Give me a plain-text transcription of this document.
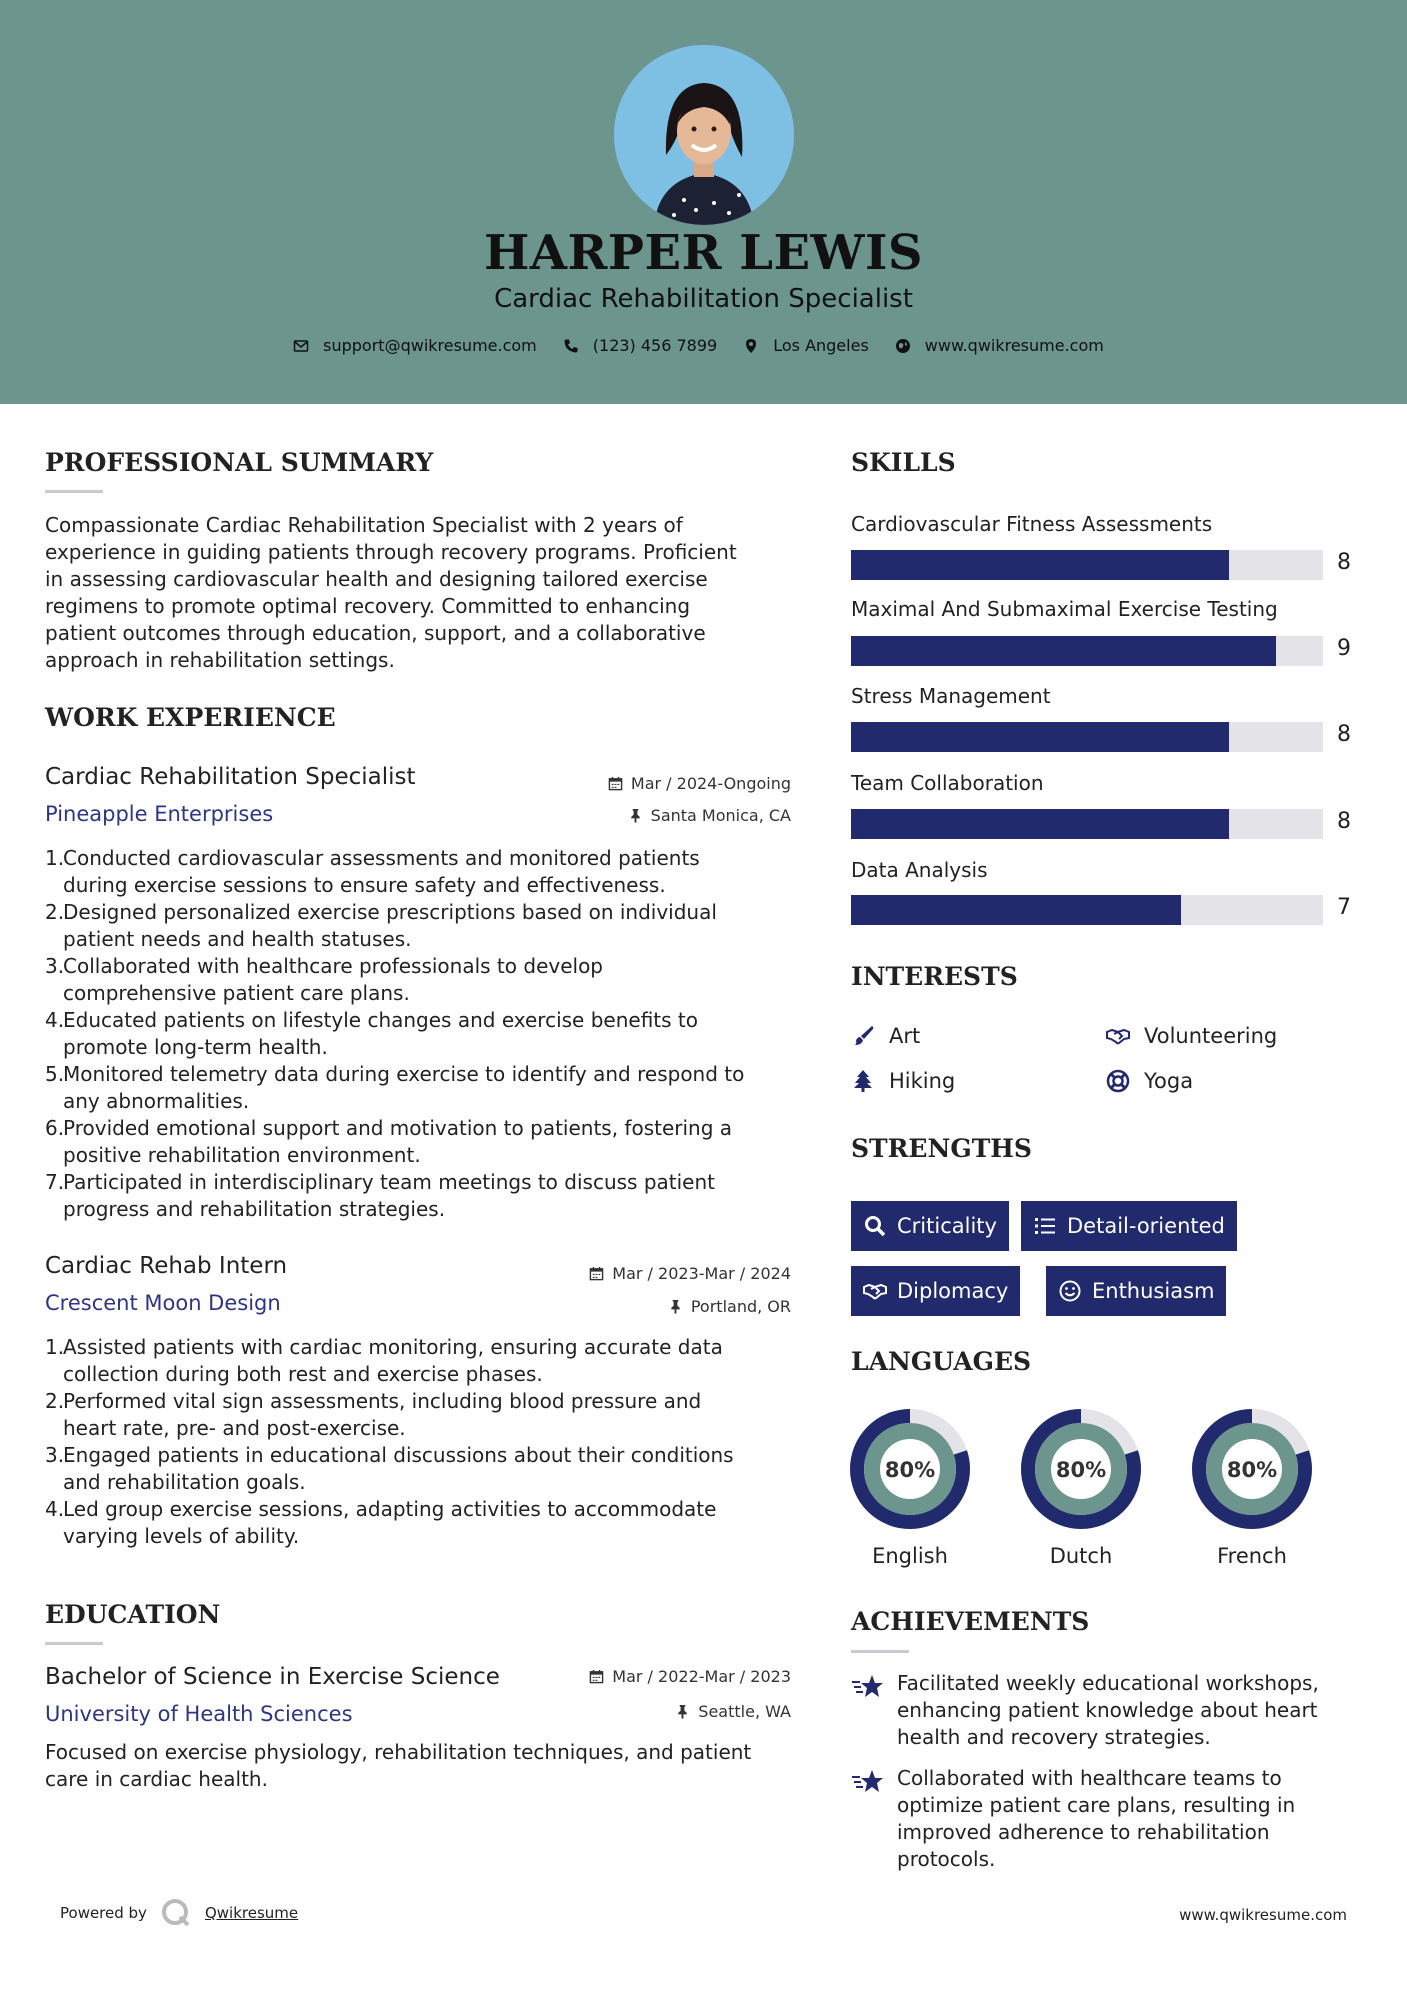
HARPER LEWIS
Cardiac Rehabilitation Specialist
support@qwikresume.com	(123) 456 7899	Los Angeles	www.qwikresume.com
PROFESSIONAL SUMMARY
Compassionate Cardiac Rehabilitation Specialist with 2 years of
experience in guiding patients through recovery programs. Proficient
in assessing cardiovascular health and designing tailored exercise
regimens to promote optimal recovery. Committed to enhancing
patient outcomes through education, support, and a collaborative
approach in rehabilitation settings.
WORK EXPERIENCE
Cardiac Rehabilitation Specialist	Mar / 2024-Ongoing
Pineapple Enterprises	Santa Monica, CA
1.
Conducted cardiovascular assessments and monitored patients
during exercise sessions to ensure safety and effectiveness.
2.
Designed personalized exercise prescriptions based on individual
patient needs and health statuses.
3.
Collaborated with healthcare professionals to develop
comprehensive patient care plans.
4.
Educated patients on lifestyle changes and exercise benefits to
promote long-term health.
5.
Monitored telemetry data during exercise to identify and respond to
any abnormalities.
6.
Provided emotional support and motivation to patients, fostering a
positive rehabilitation environment.
7.
Participated in interdisciplinary team meetings to discuss patient
progress and rehabilitation strategies.
Cardiac Rehab Intern	Mar / 2023-Mar / 2024
Crescent Moon Design	Portland, OR
1.
Assisted patients with cardiac monitoring, ensuring accurate data
collection during both rest and exercise phases.
2.
Performed vital sign assessments, including blood pressure and
heart rate, pre- and post-exercise.
3.
Engaged patients in educational discussions about their conditions
and rehabilitation goals.
4.
Led group exercise sessions, adapting activities to accommodate
varying levels of ability.
EDUCATION
Bachelor of Science in Exercise Science	Mar / 2022-Mar / 2023
University of Health Sciences	Seattle, WA
Focused on exercise physiology, rehabilitation techniques, and patient
care in cardiac health.
SKILLS
Cardiovascular Fitness Assessments
8
Maximal And Submaximal Exercise Testing
9
Stress Management
8
Team Collaboration
8
Data Analysis
7
INTERESTS
Art	Volunteering
Hiking	Yoga
STRENGTHS
Criticality	Detail-oriented
Diplomacy	Enthusiasm
LANGUAGES
80%
English
80%
Dutch
80%
French
ACHIEVEMENTS
Facilitated weekly educational workshops,
enhancing patient knowledge about heart
health and recovery strategies.
Collaborated with healthcare teams to
optimize patient care plans, resulting in
improved adherence to rehabilitation
protocols.
Powered by	Qwikresume	www.qwikresume.com
